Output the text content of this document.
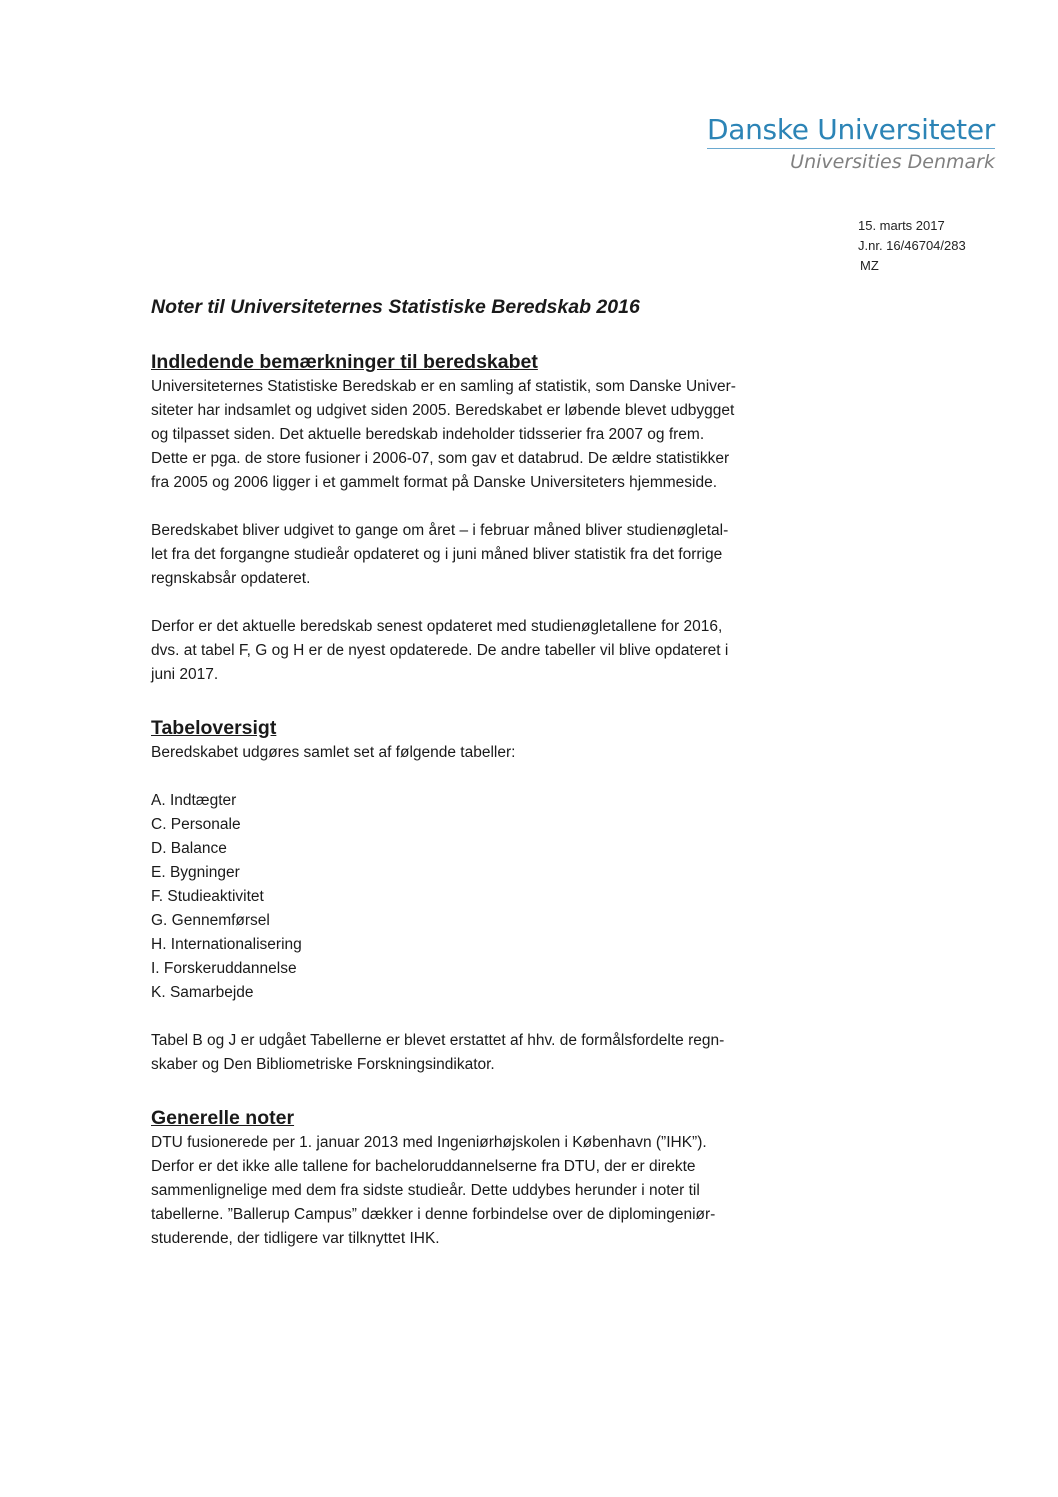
Danske Universiteter
Universities Denmark
15. marts 2017
J.nr. 16/46704/283
MZ
Noter til Universiteternes Statistiske Beredskab 2016
Indledende bemærkninger til beredskabet

Universiteternes Statistiske Beredskab er en samling af statistik, som Danske Univer-
siteter har indsamlet og udgivet siden 2005. Beredskabet er løbende blevet udbygget
og tilpasset siden. Det aktuelle beredskab indeholder tidsserier fra 2007 og frem.
Dette er pga. de store fusioner i 2006-07, som gav et databrud. De ældre statistikker
fra 2005 og 2006 ligger i et gammelt format på Danske Universiteters hjemmeside.

Beredskabet bliver udgivet to gange om året – i februar måned bliver studienøgletal-
let fra det forgangne studieår opdateret og i juni måned bliver statistik fra det forrige
regnskabsår opdateret.

Derfor er det aktuelle beredskab senest opdateret med studienøgletallene for 2016,
dvs. at tabel F, G og H er de nyest opdaterede. De andre tabeller vil blive opdateret i
juni 2017.

Tabeloversigt

Beredskabet udgøres samlet set af følgende tabeller:

A. Indtægter
C. Personale
D. Balance
E. Bygninger
F. Studieaktivitet
G. Gennemførsel
H. Internationalisering
I. Forskeruddannelse
K. Samarbejde

Tabel B og J er udgået Tabellerne er blevet erstattet af hhv. de formålsfordelte regn-
skaber og Den Bibliometriske Forskningsindikator.

Generelle noter

DTU fusionerede per 1. januar 2013 med Ingeniørhøjskolen i København (”IHK”).
Derfor er det ikke alle tallene for bacheloruddannelserne fra DTU, der er direkte
sammenlignelige med dem fra sidste studieår. Dette uddybes herunder i noter til
tabellerne. ”Ballerup Campus” dækker i denne forbindelse over de diplomingeniør-
studerende, der tidligere var tilknyttet IHK.
